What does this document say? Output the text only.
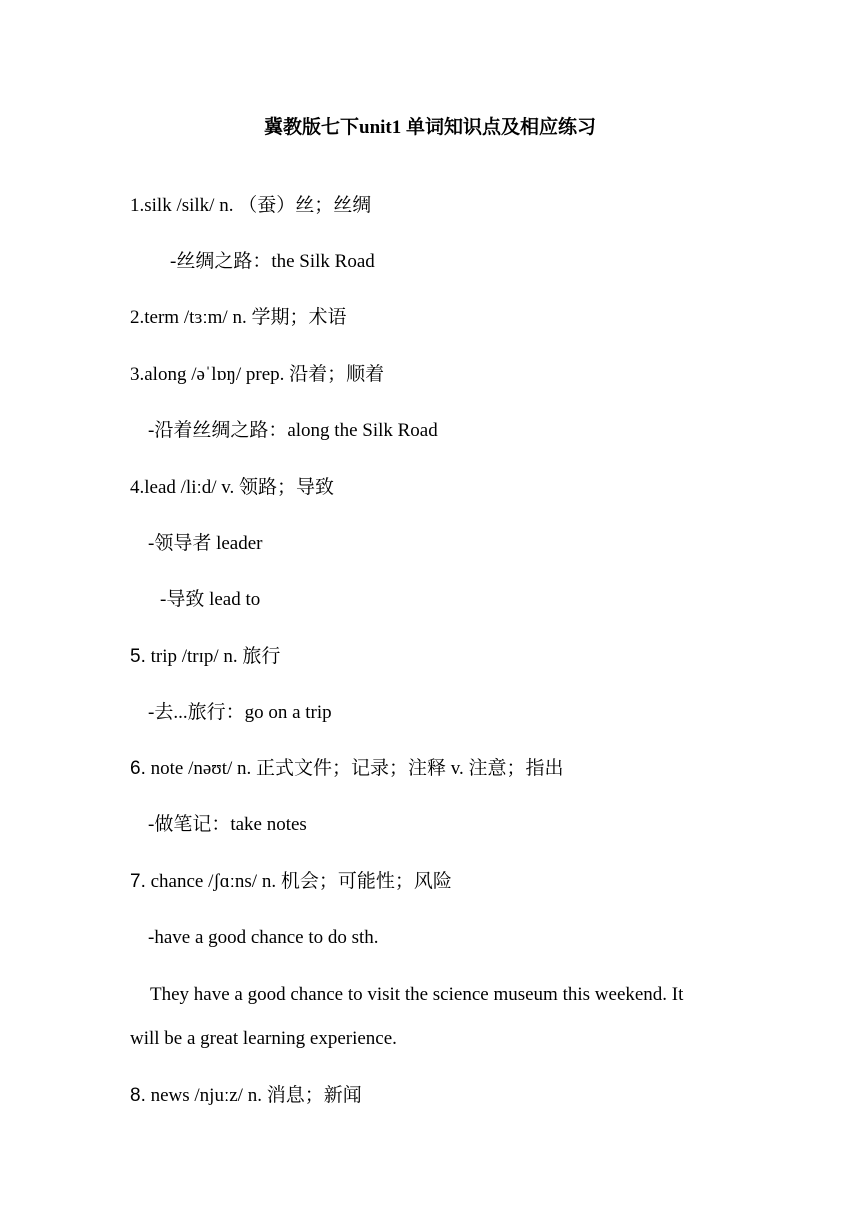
冀教版七下unit1 单词知识点及相应练习
1.silk /silk/ n. （蚕）丝；丝绸
-丝绸之路：the Silk Road
2.term /tɜːm/ n. 学期；术语
3.along /əˈlɒŋ/ prep. 沿着；顺着
-沿着丝绸之路：along the Silk Road
4.lead /liːd/ v. 领路；导致
-领导者 leader
-导致 lead to
5. trip /trɪp/ n. 旅行
-去...旅行：go on a trip
6. note /nəʊt/ n. 正式文件；记录；注释 v. 注意；指出
-做笔记：take notes
7. chance /ʃɑːns/ n. 机会；可能性；风险
-have a good chance to do sth.
They have a good chance to visit the science museum this weekend. It
will be a great learning experience.
8. news /njuːz/ n. 消息；新闻
